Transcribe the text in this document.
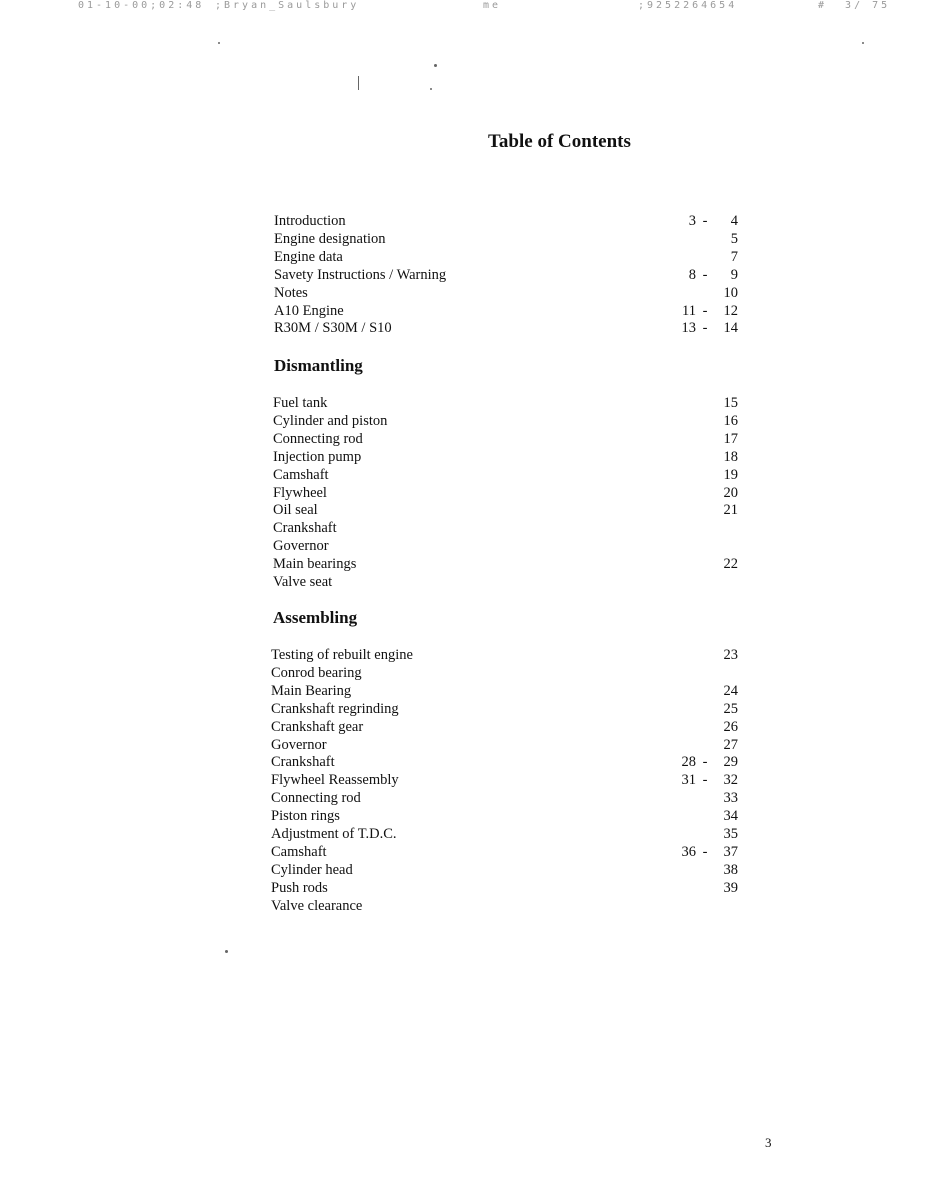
01-10-00;02:48 ;Bryan_Saulsbury	me	;9252264654	#  3/ 75
Table of Contents
Introduction	3 -	4
Engine designation	5
Engine data	7
Savety Instructions / Warning	8 -	9
Notes	10
A10 Engine	11 -	12
R30M / S30M / S10	13 -	14
Dismantling
Fuel tank	15
Cylinder and piston	16
Connecting rod	17
Injection pump	18
Camshaft	19
Flywheel	20
Oil seal	21
Crankshaft
Governor
Main bearings	22
Valve seat
Assembling
Testing of rebuilt engine	23
Conrod bearing
Main Bearing	24
Crankshaft regrinding	25
Crankshaft gear	26
Governor	27
Crankshaft	28 -	29
Flywheel Reassembly	31 -	32
Connecting rod	33
Piston rings	34
Adjustment of T.D.C.	35
Camshaft	36 -	37
Cylinder head	38
Push rods	39
Valve clearance
3
